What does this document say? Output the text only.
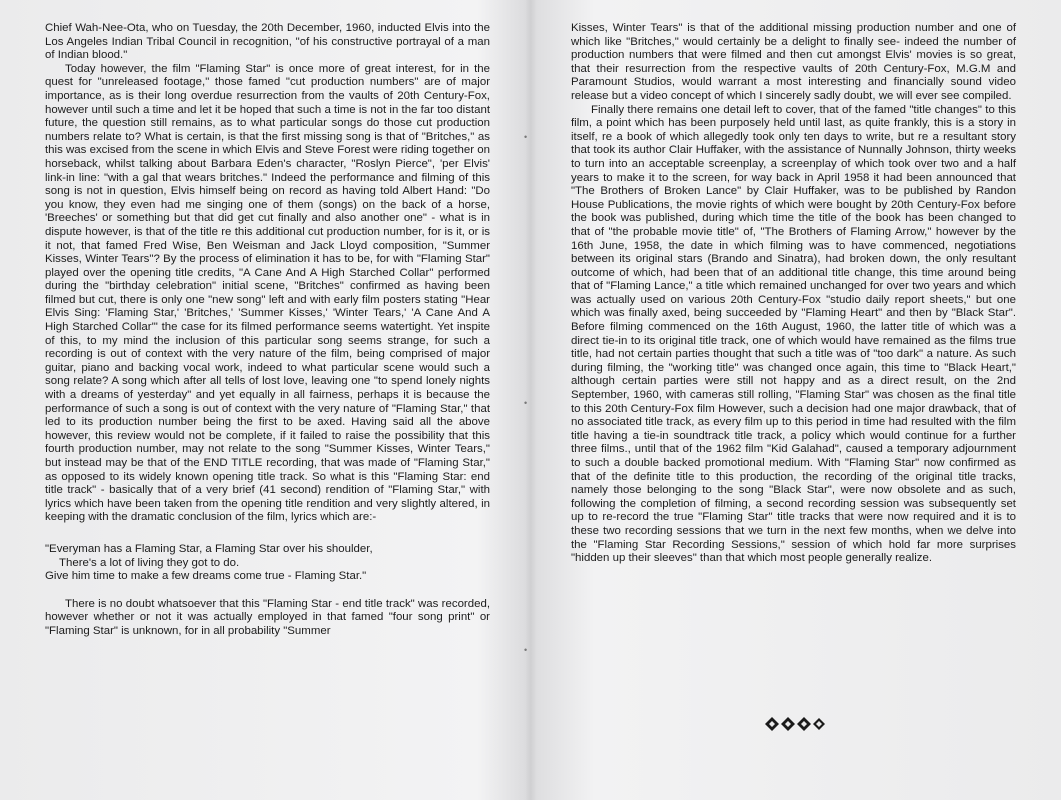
Chief Wah-Nee-Ota, who on Tuesday, the 20th December, 1960, inducted Elvis into the Los Angeles Indian Tribal Council in recognition, "of his constructive portrayal of a man of Indian blood."

Today however, the film "Flaming Star" is once more of great interest, for in the quest for "unreleased footage," those famed "cut production numbers" are of major importance, as is their long overdue resurrection from the vaults of 20th Century-Fox, however until such a time and let it be hoped that such a time is not in the far too distant future, the question still remains, as to what particular songs do those cut production numbers relate to? What is certain, is that the first missing song is that of "Britches," as this was excised from the scene in which Elvis and Steve Forest were riding together on horseback, whilst talking about Barbara Eden's character, "Roslyn Pierce", 'per Elvis' link-in line: "with a gal that wears britches." Indeed the performance and filming of this song is not in question, Elvis himself being on record as having told Albert Hand: "Do you know, they even had me singing one of them (songs) on the back of a horse, 'Breeches' or something but that did get cut finally and also another one" - what is in dispute however, is that of the title re this additional cut production number, for is it, or is it not, that famed Fred Wise, Ben Weisman and Jack Lloyd composition, "Summer Kisses, Winter Tears"? By the process of elimination it has to be, for with "Flaming Star" played over the opening title credits, "A Cane And A High Starched Collar" performed during the "birthday celebration" initial scene, "Britches" confirmed as having been filmed but cut, there is only one "new song" left and with early film posters stating "Hear Elvis Sing: 'Flaming Star,' 'Britches,' 'Summer Kisses,' 'Winter Tears,' 'A Cane And A High Starched Collar'" the case for its filmed performance seems watertight. Yet inspite of this, to my mind the inclusion of this particular song seems strange, for such a recording is out of context with the very nature of the film, being comprised of major guitar, piano and backing vocal work, indeed to what particular scene would such a song relate? A song which after all tells of lost love, leaving one "to spend lonely nights with a dreams of yesterday" and yet equally in all fairness, perhaps it is because the performance of such a song is out of context with the very nature of "Flaming Star," that led to its production number being the first to be axed. Having said all the above however, this review would not be complete, if it failed to raise the possibility that this fourth production number, may not relate to the song "Summer Kisses, Winter Tears," but instead may be that of the END TITLE recording, that was made of "Flaming Star," as opposed to its widely known opening title track. So what is this "Flaming Star: end title track" - basically that of a very brief (41 second) rendition of "Flaming Star," with lyrics which have been taken from the opening title rendition and very slightly altered, in keeping with the dramatic conclusion of the film, lyrics which are:-

"Everyman has a Flaming Star, a Flaming Star over his shoulder,
There's a lot of living they got to do.
Give him time to make a few dreams come true - Flaming Star."

There is no doubt whatsoever that this "Flaming Star - end title track" was recorded, however whether or not it was actually employed in that famed "four song print" or "Flaming Star" is unknown, for in all probability "Summer

Kisses, Winter Tears" is that of the additional missing production number and one of which like "Britches," would certainly be a delight to finally see- indeed the number of production numbers that were filmed and then cut amongst Elvis' movies is so great, that their resurrection from the respective vaults of 20th Century-Fox, M.G.M and Paramount Studios, would warrant a most interesting and financially sound video release but a video concept of which I sincerely sadly doubt, we will ever see compiled.

Finally there remains one detail left to cover, that of the famed "title changes" to this film, a point which has been purposely held until last, as quite frankly, this is a story in itself, re a book of which allegedly took only ten days to write, but re a resultant story that took its author Clair Huffaker, with the assistance of Nunnally Johnson, thirty weeks to turn into an acceptable screenplay, a screenplay of which took over two and a half years to make it to the screen, for way back in April 1958 it had been announced that "The Brothers of Broken Lance" by Clair Huffaker, was to be published by Randon House Publications, the movie rights of which were bought by 20th Century-Fox before the book was published, during which time the title of the book has been changed to that of "the probable movie title" of, "The Brothers of Flaming Arrow," however by the 16th June, 1958, the date in which filming was to have commenced, negotiations between its original stars (Brando and Sinatra), had broken down, the only resultant outcome of which, had been that of an additional title change, this time around being that of "Flaming Lance," a title which remained unchanged for over two years and which was actually used on various 20th Century-Fox "studio daily report sheets," but one which was finally axed, being succeeded by "Flaming Heart" and then by "Black Star". Before filming commenced on the 16th August, 1960, the latter title of which was a direct tie-in to its original title track, one of which would have remained as the films true title, had not certain parties thought that such a title was of "too dark" a nature. As such during filming, the "working title" was changed once again, this time to "Black Heart," although certain parties were still not happy and as a direct result, on the 2nd September, 1960, with cameras still rolling, "Flaming Star" was chosen as the final title to this 20th Century-Fox film However, such a decision had one major drawback, that of no associated title track, as every film up to this period in time had resulted with the film title having a tie-in soundtrack title track, a policy which would continue for a further three films., until that of the 1962 film "Kid Galahad", caused a temporary adjournment to such a double backed promotional medium. With "Flaming Star" now confirmed as that of the definite title to this production, the recording of the original title tracks, namely those belonging to the song "Black Star", were now obsolete and as such, following the completion of filming, a second recording session was subsequently set up to re-record the true "Flaming Star" title tracks that were now required and it is to these two recording sessions that we turn in the next few months, when we delve into the "Flaming Star Recording Sessions," session of which hold far more surprises "hidden up their sleeves" than that which most people generally realize.

•
•
•
